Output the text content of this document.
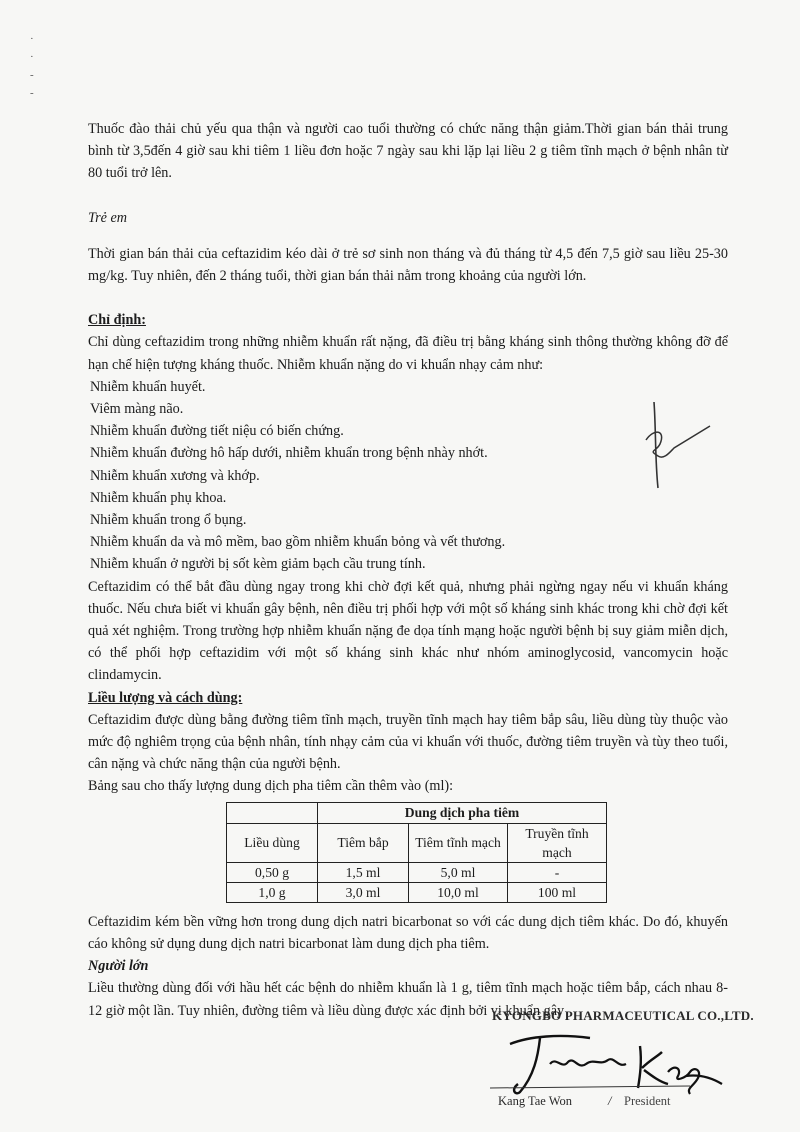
·
·
-
-

Thuốc đào thải chủ yếu qua thận và người cao tuổi thường có chức năng thận giảm.Thời gian bán thải trung bình từ 3,5đến 4 giờ sau khi tiêm 1 liều đơn hoặc 7 ngày sau khi lặp lại liều 2 g tiêm tĩnh mạch ở bệnh nhân từ 80 tuổi trở lên.

Trẻ em

Thời gian bán thải của ceftazidim kéo dài ở trẻ sơ sinh non tháng và đủ tháng từ 4,5 đến 7,5 giờ sau liều 25-30 mg/kg. Tuy nhiên, đến 2 tháng tuổi, thời gian bán thải nằm trong khoảng của người lớn.

Chỉ định:

Chỉ dùng ceftazidim trong những nhiễm khuẩn rất nặng, đã điều trị bằng kháng sinh thông thường không đỡ để hạn chế hiện tượng kháng thuốc. Nhiễm khuẩn nặng do vi khuẩn nhạy cảm như:

Nhiễm khuẩn huyết.

Viêm màng não.

Nhiễm khuẩn đường tiết niệu có biến chứng.

Nhiễm khuẩn đường hô hấp dưới, nhiễm khuẩn trong bệnh nhày nhớt.

Nhiễm khuẩn xương và khớp.

Nhiễm khuẩn phụ khoa.

Nhiễm khuẩn trong ổ bụng.

Nhiễm khuẩn da và mô mềm, bao gồm nhiễm khuẩn bỏng và vết thương.

Nhiễm khuẩn ở người bị sốt kèm giảm bạch cầu trung tính.

Ceftazidim có thể bắt đầu dùng ngay trong khi chờ đợi kết quả, nhưng phải ngừng ngay nếu vi khuẩn kháng thuốc. Nếu chưa biết vi khuẩn gây bệnh, nên điều trị phối hợp với một số kháng sinh khác trong khi chờ đợi kết quả xét nghiệm. Trong trường hợp nhiễm khuẩn nặng đe dọa tính mạng hoặc người bệnh bị suy giảm miễn dịch, có thể phối hợp ceftazidim với một số kháng sinh khác như nhóm aminoglycosid, vancomycin hoặc clindamycin.

Liều lượng và cách dùng:

Ceftazidim được dùng bằng đường tiêm tĩnh mạch, truyền tĩnh mạch hay tiêm bắp sâu, liều dùng tùy thuộc vào mức độ nghiêm trọng của bệnh nhân, tính nhạy cảm của vi khuẩn với thuốc, đường tiêm truyền và tùy theo tuổi, cân nặng và chức năng thận của người bệnh.

Bảng sau cho thấy lượng dung dịch pha tiêm cần thêm vào (ml):

	Dung dịch pha tiêm		
Liều dùng	Tiêm bắp	Tiêm tĩnh mạch	Truyền tĩnh mạch
0,50 g	1,5 ml	5,0 ml	-
1,0 g	3,0 ml	10,0 ml	100 ml

Ceftazidim kém bền vững hơn trong dung dịch natri bicarbonat so với các dung dịch tiêm khác. Do đó, khuyến cáo không sử dụng dung dịch natri bicarbonat làm dung dịch pha tiêm.

Người lớn

Liều thường dùng đối với hầu hết các bệnh do nhiễm khuẩn là 1 g, tiêm tĩnh mạch hoặc tiêm bắp, cách nhau 8-12 giờ một lần. Tuy nhiên, đường tiêm và liều dùng được xác định bởi vi khuẩn gây

KYONGBO PHARMACEUTICAL CO.,LTD.
Kang Tae Won	/ President
